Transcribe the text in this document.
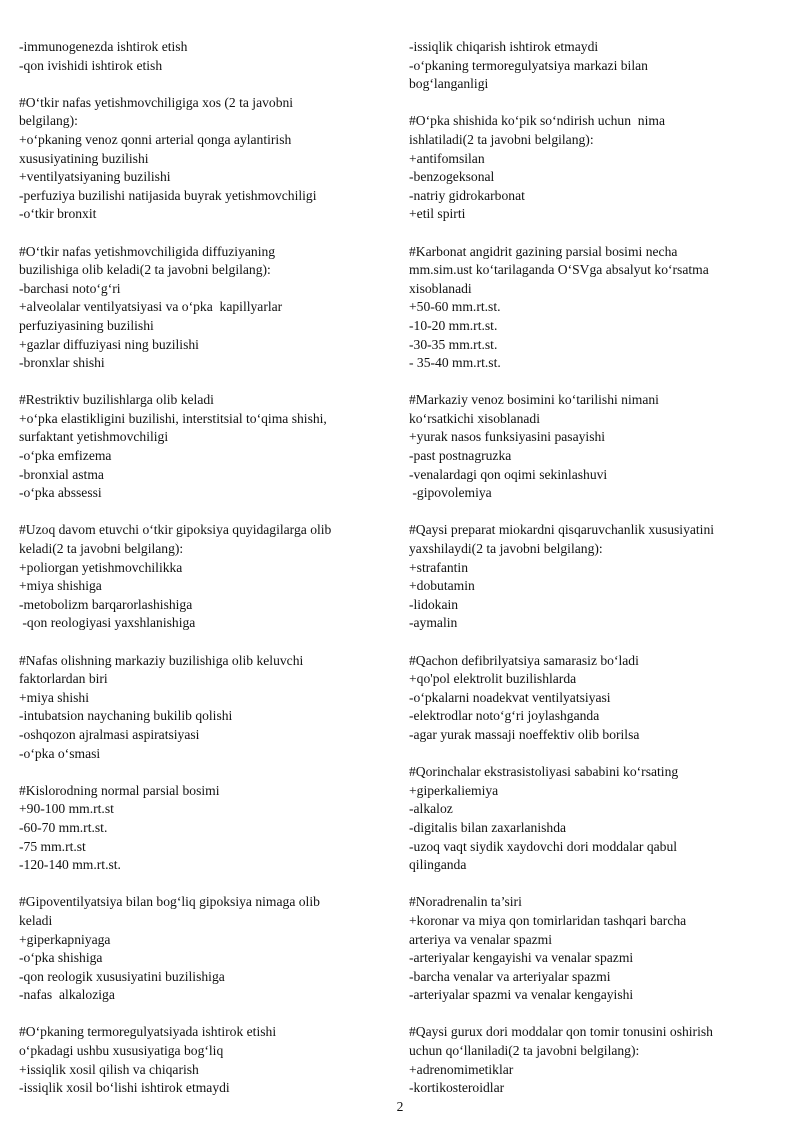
-immunogenezda ishtirok etish
-qon ivishidi ishtirok etish
#O‘tkir nafas yetishmovchiligiga xos (2 ta javobni
belgilang):
+o‘pkaning venoz qonni arterial qonga aylantirish
xususiyatining buzilishi
+ventilyatsiyaning buzilishi
-perfuziya buzilishi natijasida buyrak yetishmovchiligi
-o‘tkir bronxit
#O‘tkir nafas yetishmovchiligida diffuziyaning
buzilishiga olib keladi(2 ta javobni belgilang):
-barchasi noto‘g‘ri
+alveolalar ventilyatsiyasi va o‘pka  kapillyarlar
perfuziyasining buzilishi
+gazlar diffuziyasi ning buzilishi
-bronxlar shishi
#Restriktiv buzilishlarga olib keladi
+o‘pka elastikligini buzilishi, interstitsial to‘qima shishi,
surfaktant yetishmovchiligi
-o‘pka emfizema
-bronxial astma
-o‘pka abssessi
#Uzoq davom etuvchi o‘tkir gipoksiya quyidagilarga olib
keladi(2 ta javobni belgilang):
+poliorgan yetishmovchilikka
+miya shishiga
-metobolizm barqarorlashishiga
-qon reologiyasi yaxshlanishiga
#Nafas olishning markaziy buzilishiga olib keluvchi
faktorlardan biri
+miya shishi
-intubatsion naychaning bukilib qolishi
-oshqozon ajralmasi aspiratsiyasi
-o‘pka o‘smasi
#Kislorodning normal parsial bosimi
+90-100 mm.rt.st
-60-70 mm.rt.st.
-75 mm.rt.st
-120-140 mm.rt.st.
#Gipoventilyatsiya bilan bog‘liq gipoksiya nimaga olib
keladi
+giperkapniyaga
-o‘pka shishiga
-qon reologik xususiyatini buzilishiga
-nafas  alkaloziga
#O‘pkaning termoregulyatsiyada ishtirok etishi
o‘pkadagi ushbu xususiyatiga bog‘liq
+issiqlik xosil qilish va chiqarish
-issiqlik xosil bo‘lishi ishtirok etmaydi
-issiqlik chiqarish ishtirok etmaydi
-o‘pkaning termoregulyatsiya markazi bilan
bog‘langanligi
#O‘pka shishida ko‘pik so‘ndirish uchun  nima
ishlatiladi(2 ta javobni belgilang):
+antifomsilan
-benzogeksonal
-natriy gidrokarbonat
+etil spirti
#Karbonat angidrit gazining parsial bosimi necha
mm.sim.ust ko‘tarilaganda O‘SVga absalyut ko‘rsatma
xisoblanadi
+50-60 mm.rt.st.
-10-20 mm.rt.st.
-30-35 mm.rt.st.
- 35-40 mm.rt.st.
#Markaziy venoz bosimini ko‘tarilishi nimani
ko‘rsatkichi xisoblanadi
+yurak nasos funksiyasini pasayishi
-past postnagruzka
-venalardagi qon oqimi sekinlashuvi
-gipovolemiya
#Qaysi preparat miokardni qisqaruvchanlik xususiyatini
yaxshilaydi(2 ta javobni belgilang):
+strafantin
+dobutamin
-lidokain
-aymalin
#Qachon defibrilyatsiya samarasiz bo‘ladi
+qo'pol elektrolit buzilishlarda
-o‘pkalarni noadekvat ventilyatsiyasi
-elektrodlar noto‘g‘ri joylashganda
-agar yurak massaji noeffektiv olib borilsa
#Qorinchalar ekstrasistoliyasi sababini ko‘rsating
+giperkaliemiya
-alkaloz
-digitalis bilan zaxarlanishda
-uzoq vaqt siydik xaydovchi dori moddalar qabul
qilinganda
#Noradrenalin ta’siri
+koronar va miya qon tomirlaridan tashqari barcha
arteriya va venalar spazmi
-arteriyalar kengayishi va venalar spazmi
-barcha venalar va arteriyalar spazmi
-arteriyalar spazmi va venalar kengayishi
#Qaysi gurux dori moddalar qon tomir tonusini oshirish
uchun qo‘llaniladi(2 ta javobni belgilang):
+adrenomimetiklar
-kortikosteroidlar
2
